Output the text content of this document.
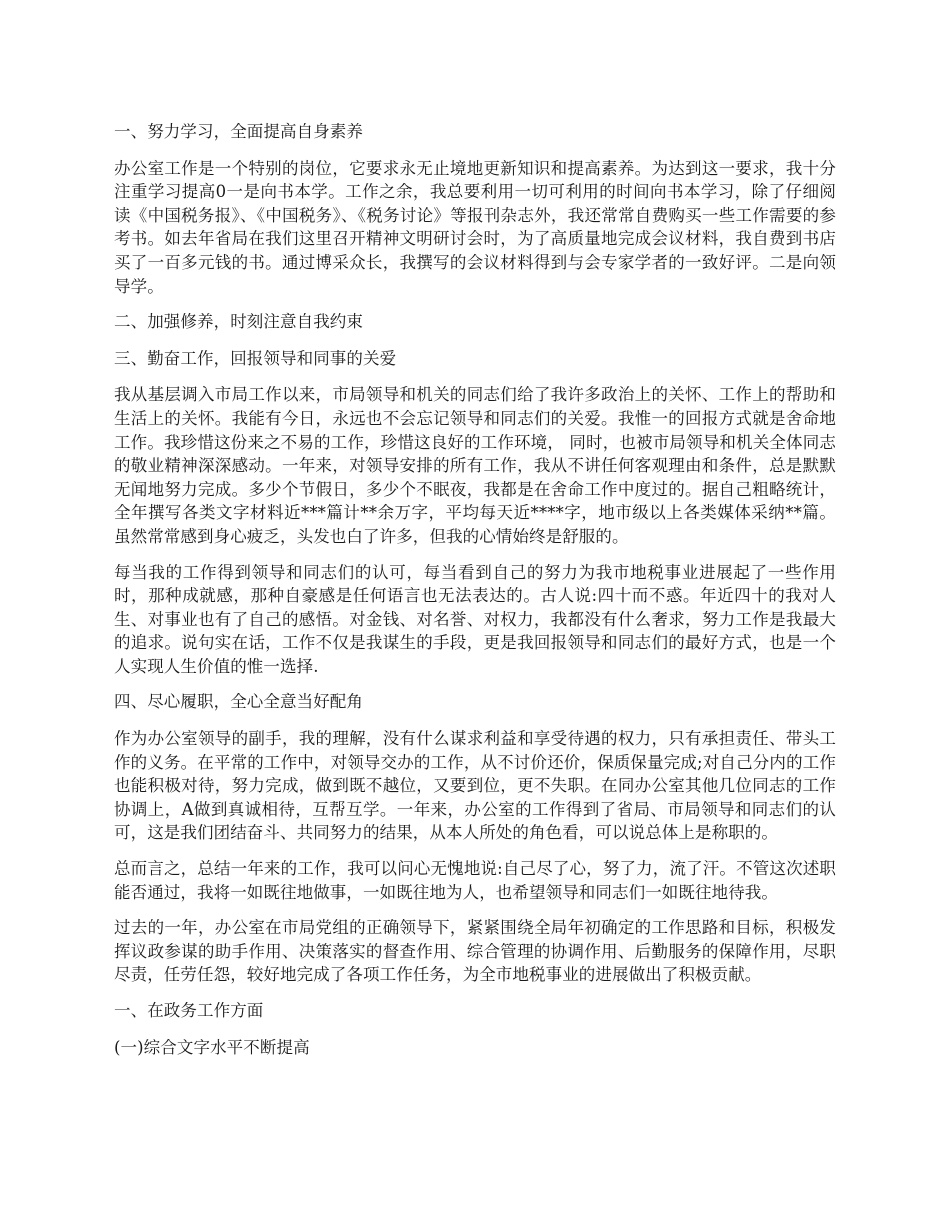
一、努力学习，全面提高自身素养

办公室工作是一个特别的岗位，它要求永无止境地更新知识和提高素养。为达到这一要求，我十分注重学习提高0一是向书本学。工作之余，我总要利用一切可利用的时间向书本学习，除了仔细阅读《中国税务报》、《中国税务》、《税务讨论》等报刊杂志外，我还常常自费购买一些工作需要的参考书。如去年省局在我们这里召开精神文明研讨会时，为了高质量地完成会议材料，我自费到书店买了一百多元钱的书。通过博采众长，我撰写的会议材料得到与会专家学者的一致好评。二是向领导学。

二、加强修养，时刻注意自我约束

三、勤奋工作，回报领导和同事的关爱

我从基层调入市局工作以来，市局领导和机关的同志们给了我许多政治上的关怀、工作上的帮助和生活上的关怀。我能有今日，永远也不会忘记领导和同志们的关爱。我惟一的回报方式就是舍命地工作。我珍惜这份来之不易的工作，珍惜这良好的工作环境， 同时，也被市局领导和机关全体同志的敬业精神深深感动。一年来，对领导安排的所有工作，我从不讲任何客观理由和条件，总是默默无闻地努力完成。多少个节假日，多少个不眠夜，我都是在舍命工作中度过的。据自己粗略统计，全年撰写各类文字材料近***篇计**余万字，平均每天近****字，地市级以上各类媒体采纳**篇。虽然常常感到身心疲乏，头发也白了许多，但我的心情始终是舒服的。

每当我的工作得到领导和同志们的认可，每当看到自己的努力为我市地税事业进展起了一些作用时，那种成就感，那种自豪感是任何语言也无法表达的。古人说:四十而不惑。年近四十的我对人生、对事业也有了自己的感悟。对金钱、对名誉、对权力，我都没有什么奢求，努力工作是我最大的追求。说句实在话，工作不仅是我谋生的手段，更是我回报领导和同志们的最好方式，也是一个人实现人生价值的惟一选择.

四、尽心履职，全心全意当好配角

作为办公室领导的副手，我的理解，没有什么谋求利益和享受待遇的权力，只有承担责任、带头工作的义务。在平常的工作中，对领导交办的工作，从不讨价还价，保质保量完成;对自己分内的工作也能积极对待，努力完成，做到既不越位，又要到位，更不失职。在同办公室其他几位同志的工作协调上，A做到真诚相待，互帮互学。一年来，办公室的工作得到了省局、市局领导和同志们的认可，这是我们团结奋斗、共同努力的结果，从本人所处的角色看，可以说总体上是称职的。

总而言之，总结一年来的工作，我可以问心无愧地说:自己尽了心，努了力，流了汗。不管这次述职能否通过，我将一如既往地做事，一如既往地为人，也希望领导和同志们一如既往地待我。

过去的一年，办公室在市局党组的正确领导下，紧紧围绕全局年初确定的工作思路和目标，积极发挥议政参谋的助手作用、决策落实的督查作用、综合管理的协调作用、后勤服务的保障作用，尽职尽责，任劳任怨，较好地完成了各项工作任务，为全市地税事业的进展做出了积极贡献。

一、在政务工作方面

(一)综合文字水平不断提高
